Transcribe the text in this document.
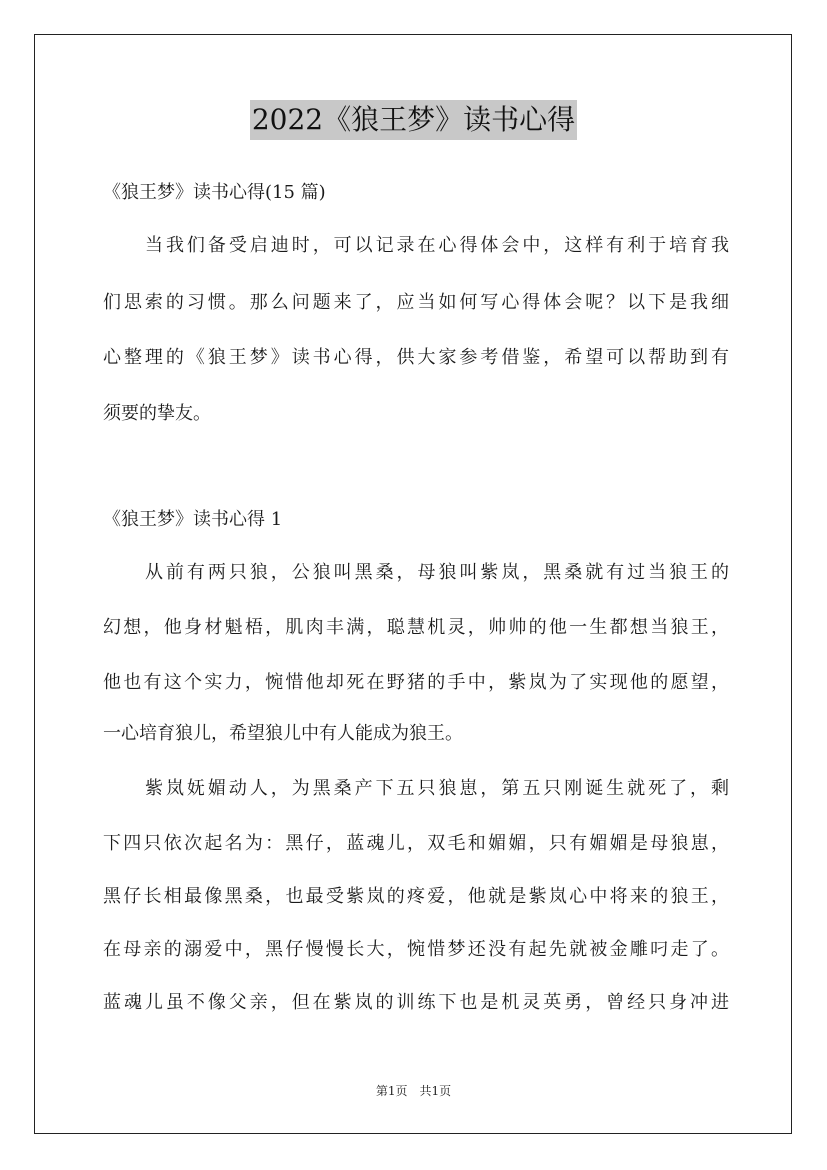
2022《狼王梦》读书心得
《狼王梦》读书心得(15 篇)
当我们备受启迪时，可以记录在心得体会中，这样有利于培育我
们思索的习惯。那么问题来了，应当如何写心得体会呢？以下是我细
心整理的《狼王梦》读书心得，供大家参考借鉴，希望可以帮助到有
须要的挚友。
《狼王梦》读书心得 1
从前有两只狼，公狼叫黑桑，母狼叫紫岚，黑桑就有过当狼王的
幻想，他身材魁梧，肌肉丰满，聪慧机灵，帅帅的他一生都想当狼王，
他也有这个实力，惋惜他却死在野猪的手中，紫岚为了实现他的愿望，
一心培育狼儿，希望狼儿中有人能成为狼王。
紫岚妩媚动人，为黑桑产下五只狼崽，第五只刚诞生就死了，剩
下四只依次起名为：黑仔，蓝魂儿，双毛和媚媚，只有媚媚是母狼崽，
黑仔长相最像黑桑，也最受紫岚的疼爱，他就是紫岚心中将来的狼王，
在母亲的溺爱中，黑仔慢慢长大，惋惜梦还没有起先就被金雕叼走了。
蓝魂儿虽不像父亲，但在紫岚的训练下也是机灵英勇，曾经只身冲进
第1页　共1页
